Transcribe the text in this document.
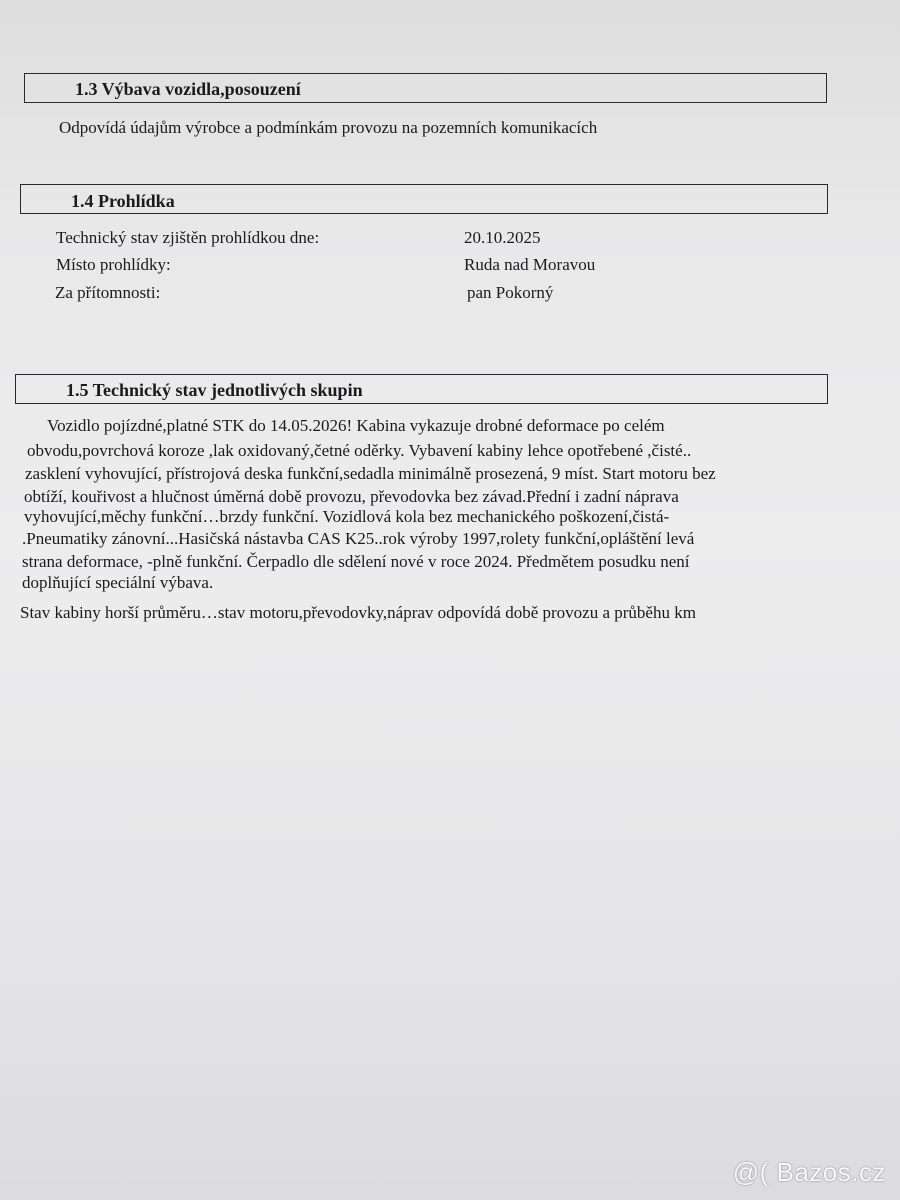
1.3 Výbava vozidla,posouzení
Odpovídá údajům výrobce a podmínkám provozu na pozemních komunikacích
1.4 Prohlídka
Technický stav zjištěn prohlídkou dne:	20.10.2025
Místo prohlídky:	Ruda nad Moravou
Za přítomnosti:	pan Pokorný
1.5 Technický stav jednotlivých skupin
Vozidlo pojízdné,platné STK do 14.05.2026! Kabina vykazuje drobné deformace po celém
obvodu,povrchová koroze ,lak oxidovaný,četné oděrky. Vybavení kabiny lehce opotřebené ,čisté..
zasklení vyhovující, přístrojová deska funkční,sedadla minimálně prosezená, 9 míst. Start motoru bez
obtíží, kouřivost a hlučnost úměrná době provozu, převodovka bez závad.Přední i zadní náprava
vyhovující,měchy funkční…brzdy funkční. Vozidlová kola bez mechanického poškození,čistá-
.Pneumatiky zánovní...Hasičská nástavba CAS K25..rok výroby 1997,rolety funkční,opláštění levá
strana deformace, -plně funkční. Čerpadlo dle sdělení nové v roce 2024. Předmětem posudku není
doplňující speciální výbava.
Stav kabiny horší průměru…stav motoru,převodovky,náprav odpovídá době provozu a průběhu km
@( Bazos.cz
